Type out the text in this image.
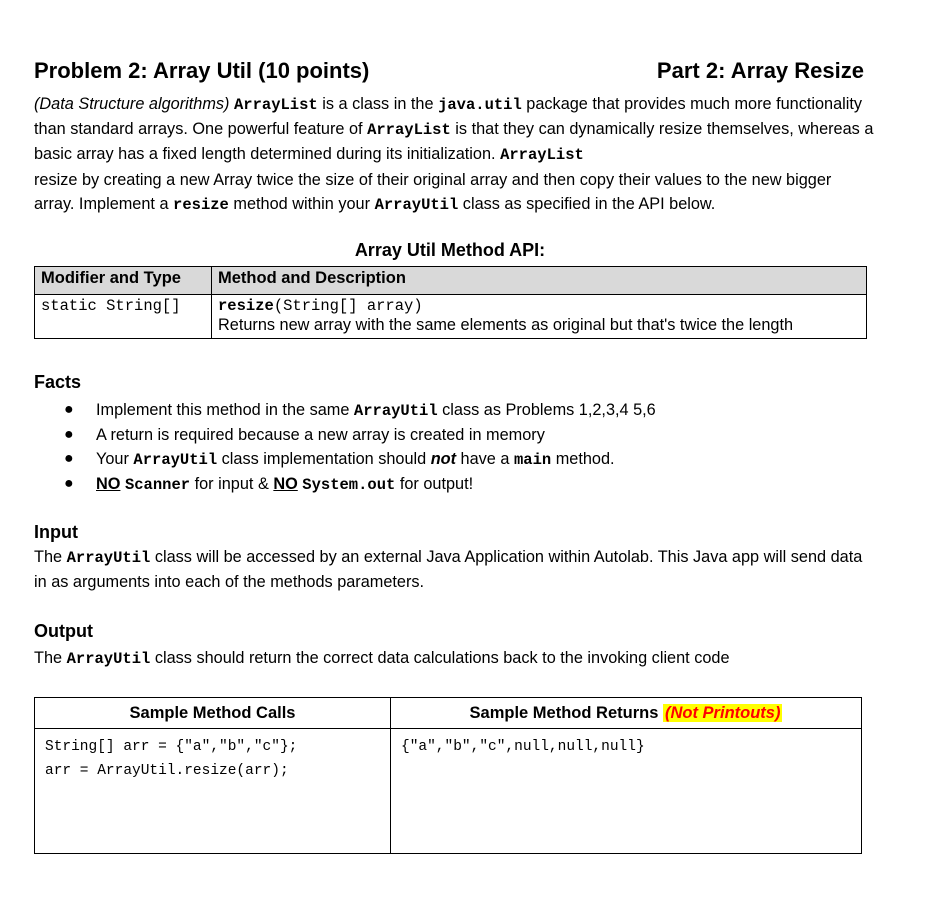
Problem 2: Array Util (10 points)	Part 2: Array Resize
(Data Structure algorithms) ArrayList is a class in the java.util package that provides much more functionality than standard arrays. One powerful feature of ArrayList is that they can dynamically resize themselves, whereas a basic array has a fixed length determined during its initialization. ArrayList
resize by creating a new Array twice the size of their original array and then copy their values to the new bigger array. Implement a resize method within your ArrayUtil class as specified in the API below.
Array Util Method API:
Modifier and Type	Method and Description
static String[]	resize(String[] array)
Returns new array with the same elements as original but that's twice the length
Facts
● Implement this method in the same ArrayUtil class as Problems 1,2,3,4 5,6
● A return is required because a new array is created in memory
● Your ArrayUtil class implementation should not have a main method.
● NO Scanner for input & NO System.out for output!
Input
The ArrayUtil class will be accessed by an external Java Application within Autolab. This Java app will send data in as arguments into each of the methods parameters.
Output
The ArrayUtil class should return the correct data calculations back to the invoking client code
Sample Method Calls	Sample Method Returns (Not Printouts)

String[] arr = {"a","b","c"};
arr = ArrayUtil.resize(arr);	{"a","b","c",null,null,null}
